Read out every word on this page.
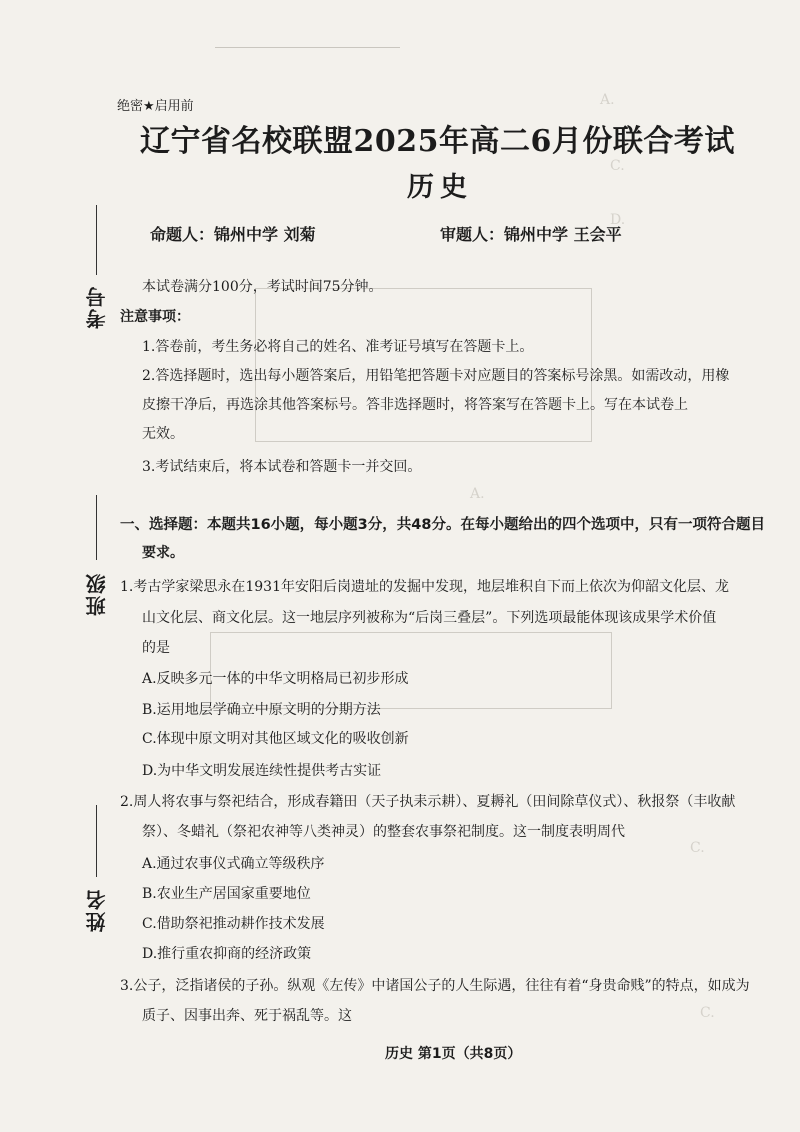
A.
C.
D.
A.
C.
C.
考号
班级
姓名
绝密★启用前
辽宁省名校联盟2025年高二6月份联合考试
历史
命题人：锦州中学 刘菊	审题人：锦州中学 王会平
本试卷满分100分，考试时间75分钟。
注意事项：
1.答卷前，考生务必将自己的姓名、准考证号填写在答题卡上。
2.答选择题时，选出每小题答案后，用铅笔把答题卡对应题目的答案标号涂黑。如需改动，用橡
皮擦干净后，再选涂其他答案标号。答非选择题时，将答案写在答题卡上。写在本试卷上
无效。
3.考试结束后，将本试卷和答题卡一并交回。
一、选择题：本题共16小题，每小题3分，共48分。在每小题给出的四个选项中，只有一项符合题目
要求。
1.考古学家梁思永在1931年安阳后岗遗址的发掘中发现，地层堆积自下而上依次为仰韶文化层、龙
山文化层、商文化层。这一地层序列被称为“后岗三叠层”。下列选项最能体现该成果学术价值
的是
A.反映多元一体的中华文明格局已初步形成
B.运用地层学确立中原文明的分期方法
C.体现中原文明对其他区域文化的吸收创新
D.为中华文明发展连续性提供考古实证
2.周人将农事与祭祀结合，形成春籍田（天子执耒示耕）、夏耨礼（田间除草仪式）、秋报祭（丰收献
祭）、冬蜡礼（祭祀农神等八类神灵）的整套农事祭祀制度。这一制度表明周代
A.通过农事仪式确立等级秩序
B.农业生产居国家重要地位
C.借助祭祀推动耕作技术发展
D.推行重农抑商的经济政策
3.公子，泛指诸侯的子孙。纵观《左传》中诸国公子的人生际遇，往往有着“身贵命贱”的特点，如成为
质子、因事出奔、死于祸乱等。这
历史 第1页（共8页）
